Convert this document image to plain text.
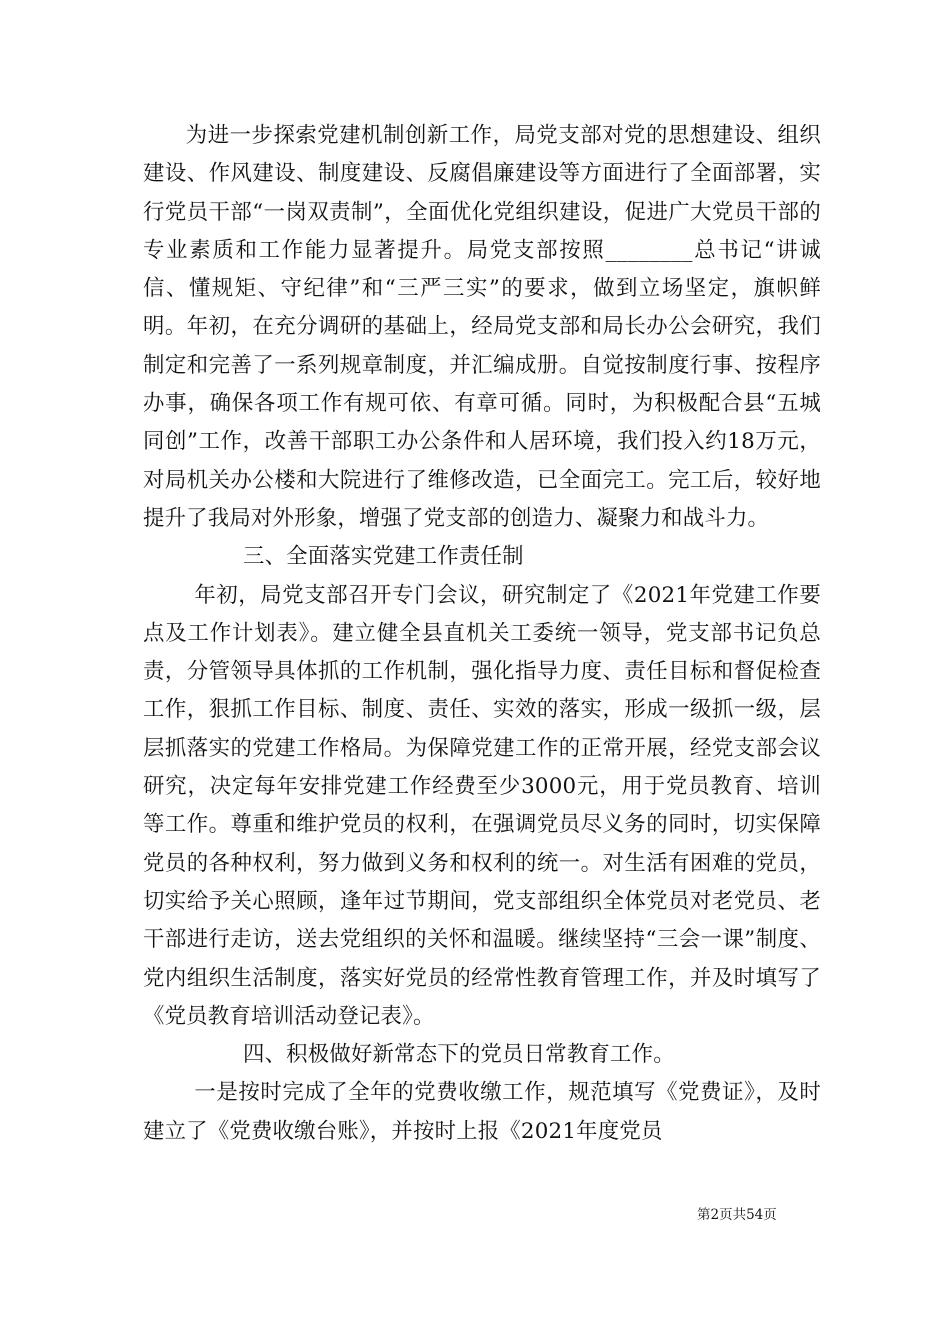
为进一步探索党建机制创新工作，局党支部对党的思想建设、组织建设、作风建设、制度建设、反腐倡廉建设等方面进行了全面部署，实行党员干部“一岗双责制”，全面优化党组织建设，促进广大党员干部的专业素质和工作能力显著提升。局党支部按照________总书记“讲诚信、懂规矩、守纪律”和“三严三实”的要求，做到立场坚定，旗帜鲜明。年初，在充分调研的基础上，经局党支部和局长办公会研究，我们制定和完善了一系列规章制度，并汇编成册。自觉按制度行事、按程序办事，确保各项工作有规可依、有章可循。同时，为积极配合县“五城同创”工作，改善干部职工办公条件和人居环境，我们投入约18万元，对局机关办公楼和大院进行了维修改造，已全面完工。完工后，较好地提升了我局对外形象，增强了党支部的创造力、凝聚力和战斗力。

三、全面落实党建工作责任制

年初，局党支部召开专门会议，研究制定了《2021年党建工作要点及工作计划表》。建立健全县直机关工委统一领导，党支部书记负总责，分管领导具体抓的工作机制，强化指导力度、责任目标和督促检查工作，狠抓工作目标、制度、责任、实效的落实，形成一级抓一级，层层抓落实的党建工作格局。为保障党建工作的正常开展，经党支部会议研究，决定每年安排党建工作经费至少3000元，用于党员教育、培训等工作。尊重和维护党员的权利，在强调党员尽义务的同时，切实保障党员的各种权利，努力做到义务和权利的统一。对生活有困难的党员，切实给予关心照顾，逢年过节期间，党支部组织全体党员对老党员、老干部进行走访，送去党组织的关怀和温暖。继续坚持“三会一课”制度、党内组织生活制度，落实好党员的经常性教育管理工作，并及时填写了《党员教育培训活动登记表》。

四、积极做好新常态下的党员日常教育工作。

一是按时完成了全年的党费收缴工作，规范填写《党费证》，及时建立了《党费收缴台账》，并按时上报《2021年度党员

第2页共54页
